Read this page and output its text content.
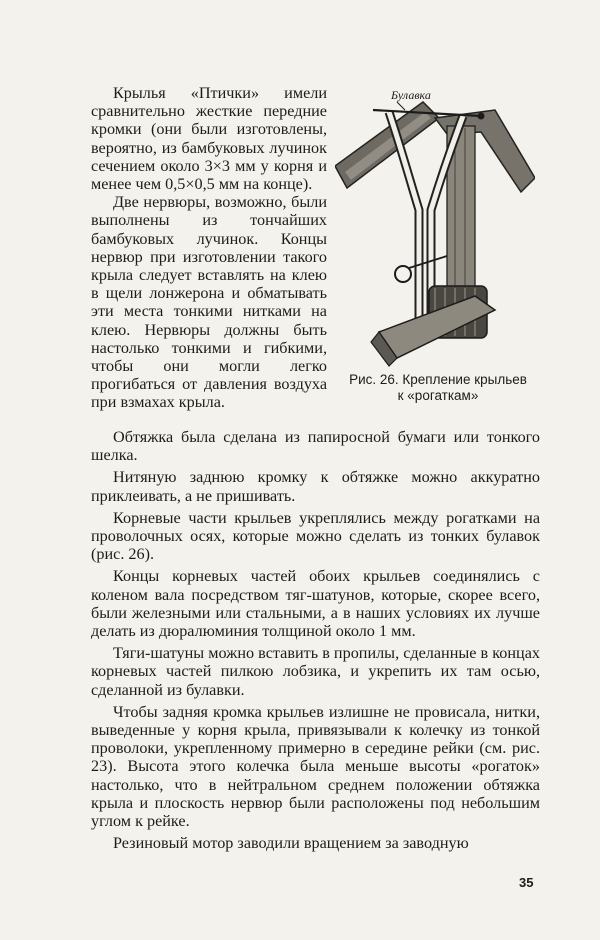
Крылья «Птички» имели сравнительно жесткие передние кромки (они были изготовлены, вероятно, из бамбуковых лучинок сечением около 3×3 мм у корня и менее чем 0,5×0,5 мм на конце).

Две нервюры, возможно, были выполнены из тончайших бамбуковых лучинок. Концы нервюр при изготовлении такого крыла следует вставлять на клею в щели лонжерона и обматывать эти места тонкими нитками на клею. Нервюры должны быть настолько тонкими и гибкими, чтобы они могли легко прогибаться от давления воздуха при взмахах крыла.

Булавка
Рис. 26. Крепление крыльев
к «рогаткам»

Обтяжка была сделана из папиросной бумаги или тонкого шелка.

Нитяную заднюю кромку к обтяжке можно аккуратно приклеивать, а не пришивать.

Корневые части крыльев укреплялись между рогатками на проволочных осях, которые можно сделать из тонких булавок (рис. 26).

Концы корневых частей обоих крыльев соединялись с коленом вала посредством тяг-шатунов, которые, скорее всего, были железными или стальными, а в наших условиях их лучше делать из дюралюминия толщиной около 1 мм.

Тяги-шатуны можно вставить в пропилы, сделанные в концах корневых частей пилкою лобзика, и укрепить их там осью, сделанной из булавки.

Чтобы задняя кромка крыльев излишне не провисала, нитки, выведенные у корня крыла, привязывали к колечку из тонкой проволоки, укрепленному примерно в середине рейки (см. рис. 23). Высота этого колечка была меньше высоты «рогаток» настолько, что в нейтральном среднем положении обтяжка крыла и плоскость нервюр были расположены под небольшим углом к рейке.

Резиновый мотор заводили вращением за заводную

35
